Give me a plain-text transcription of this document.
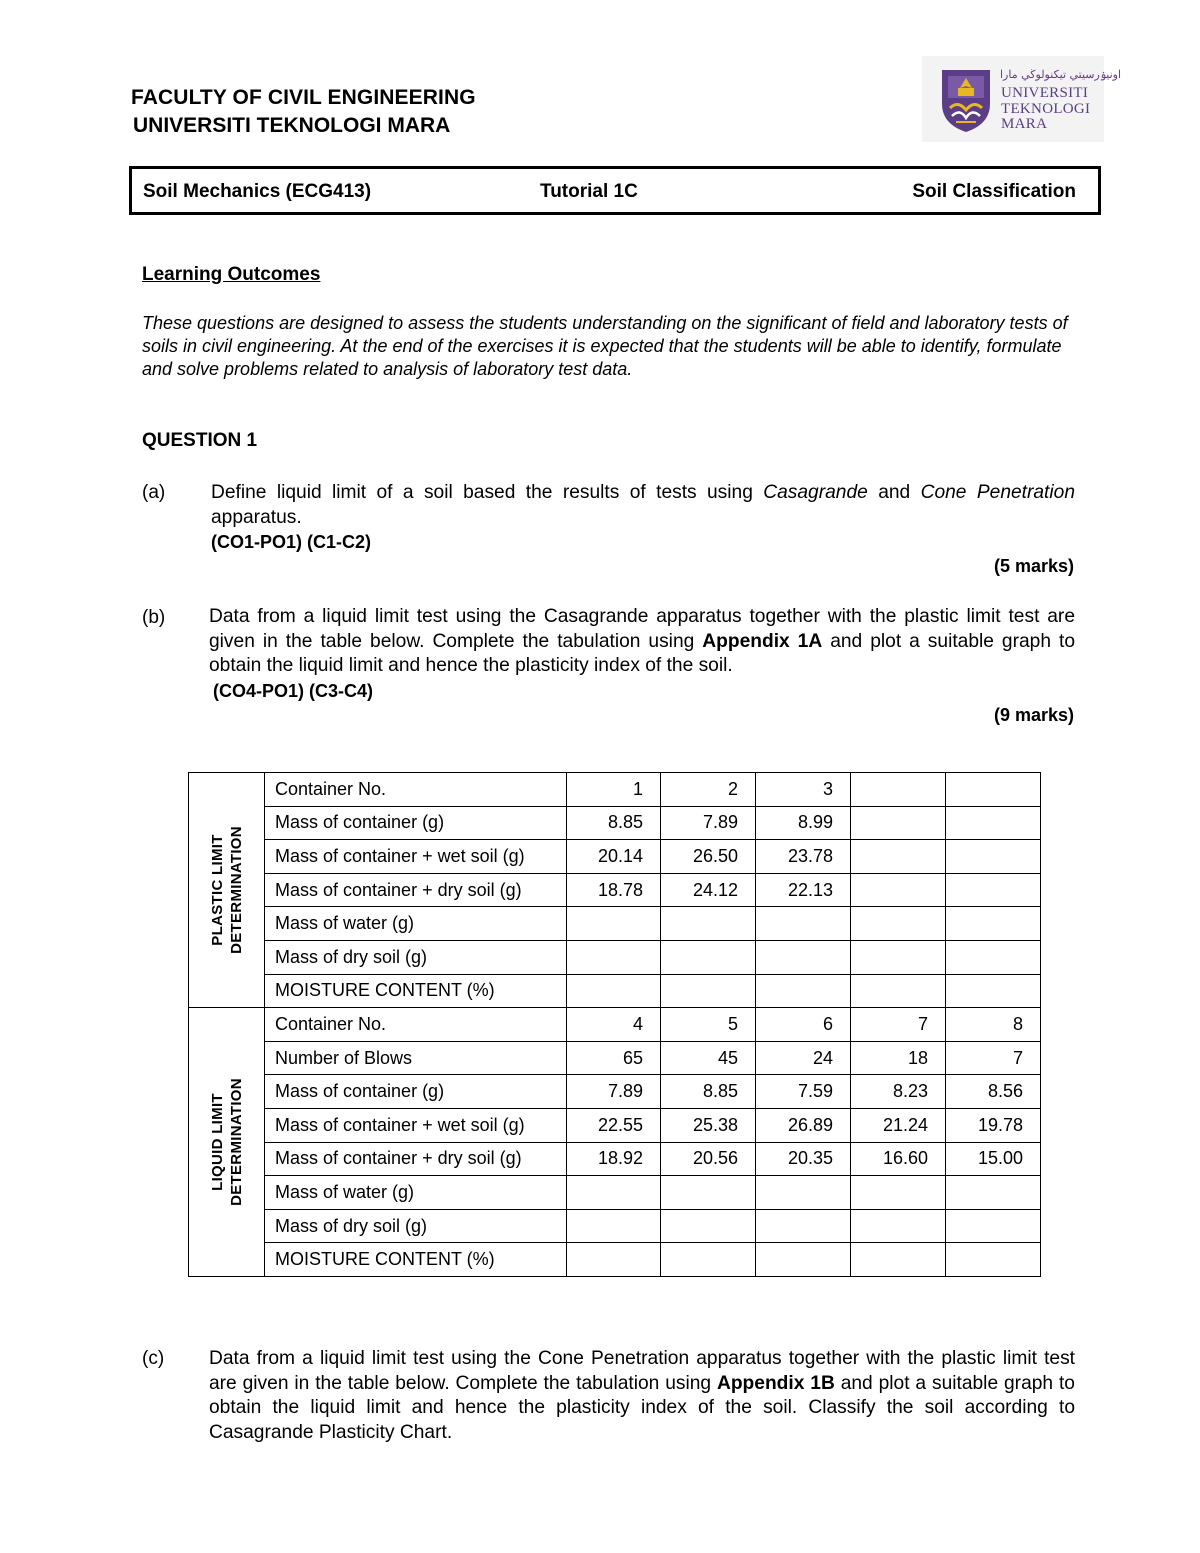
FACULTY OF CIVIL ENGINEERING
UNIVERSITI TEKNOLOGI MARA
اونيۏرسيتي تيكنولوڬي مارا
UNIVERSITI
TEKNOLOGI
MARA
Soil Mechanics (ECG413)	Tutorial 1C	Soil Classification
Learning Outcomes
These questions are designed to assess the students understanding on the significant of field and laboratory tests of soils in civil engineering. At the end of the exercises it is expected that the students will be able to identify, formulate and solve problems related to analysis of laboratory test data.
QUESTION 1
(a) Define liquid limit of a soil based the results of tests using Casagrande and Cone Penetration apparatus.
(CO1-PO1) (C1-C2)
(5 marks)
(b) Data from a liquid limit test using the Casagrande apparatus together with the plastic limit test are given in the table below. Complete the tabulation using Appendix 1A and plot a suitable graph to obtain the liquid limit and hence the plasticity index of the soil.
(CO4-PO1) (C3-C4)
(9 marks)
PLASTIC LIMIT DETERMINATION	Container No.	1	2	3		
	Mass of container (g)	8.85	7.89	8.99		
	Mass of container + wet soil (g)	20.14	26.50	23.78		
	Mass of container + dry soil (g)	18.78	24.12	22.13		
	Mass of water (g)					
	Mass of dry soil (g)					
	MOISTURE CONTENT (%)					

LIQUID LIMIT DETERMINATION	Container No.	4	5	6	7	8
	Number of Blows	65	45	24	18	7
	Mass of container (g)	7.89	8.85	7.59	8.23	8.56
	Mass of container + wet soil (g)	22.55	25.38	26.89	21.24	19.78
	Mass of container + dry soil (g)	18.92	20.56	20.35	16.60	15.00
	Mass of water (g)					
	Mass of dry soil (g)					
	MOISTURE CONTENT (%)					
(c) Data from a liquid limit test using the Cone Penetration apparatus together with the plastic limit test are given in the table below. Complete the tabulation using Appendix 1B and plot a suitable graph to obtain the liquid limit and hence the plasticity index of the soil. Classify the soil according to Casagrande Plasticity Chart.
